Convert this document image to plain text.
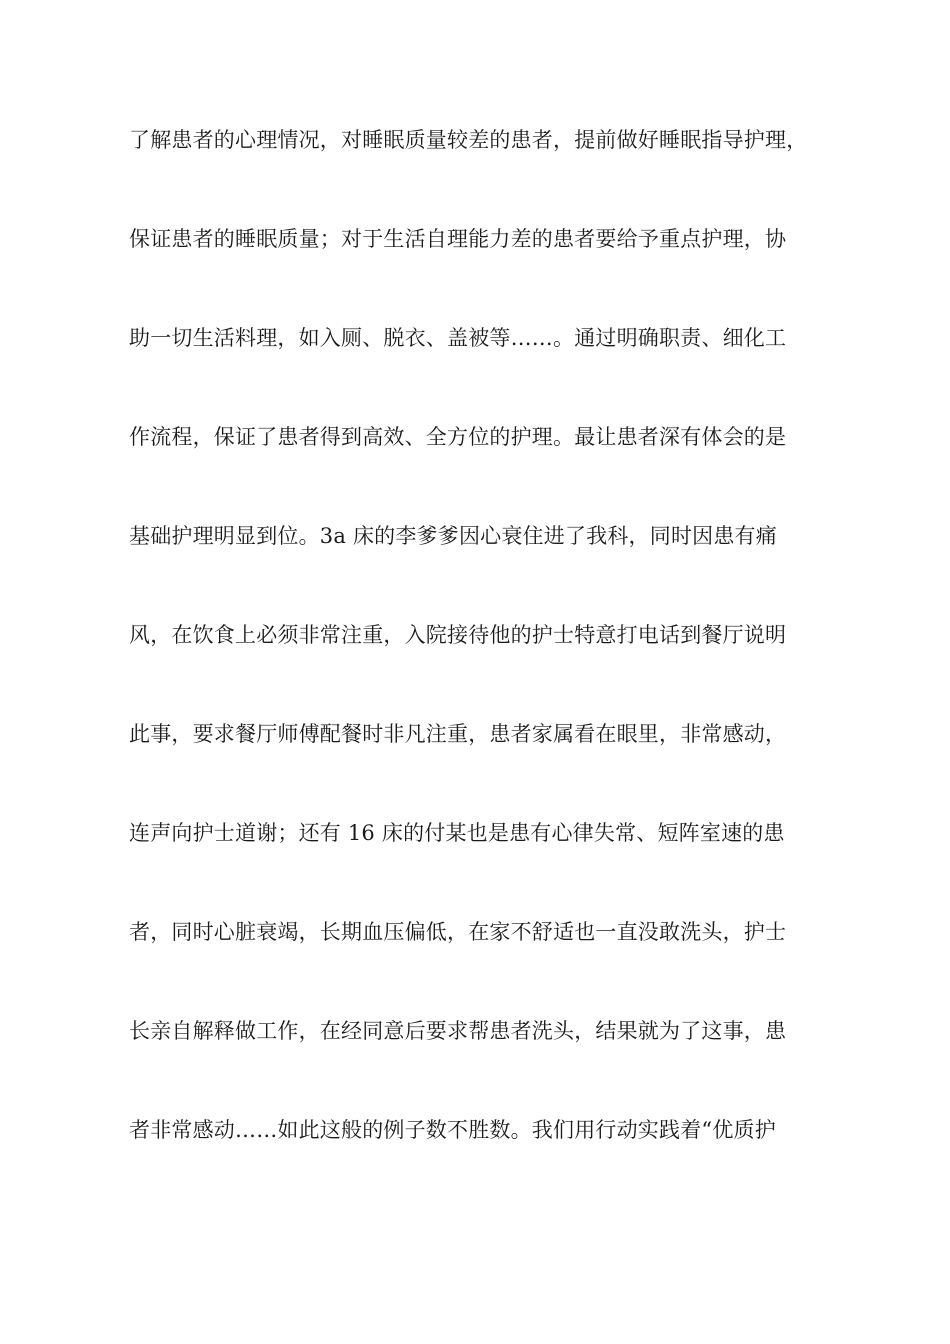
了解患者的心理情况，对睡眠质量较差的患者，提前做好睡眠指导护理，
保证患者的睡眠质量；对于生活自理能力差的患者要给予重点护理，协
助一切生活料理，如入厕、脱衣、盖被等……。通过明确职责、细化工
作流程，保证了患者得到高效、全方位的护理。最让患者深有体会的是
基础护理明显到位。3a 床的李爹爹因心衰住进了我科，同时因患有痛
风，在饮食上必须非常注重，入院接待他的护士特意打电话到餐厅说明
此事，要求餐厅师傅配餐时非凡注重，患者家属看在眼里，非常感动，
连声向护士道谢；还有 16 床的付某也是患有心律失常、短阵室速的患
者，同时心脏衰竭，长期血压偏低，在家不舒适也一直没敢洗头，护士
长亲自解释做工作，在经同意后要求帮患者洗头，结果就为了这事，患
者非常感动……如此这般的例子数不胜数。我们用行动实践着“优质护
